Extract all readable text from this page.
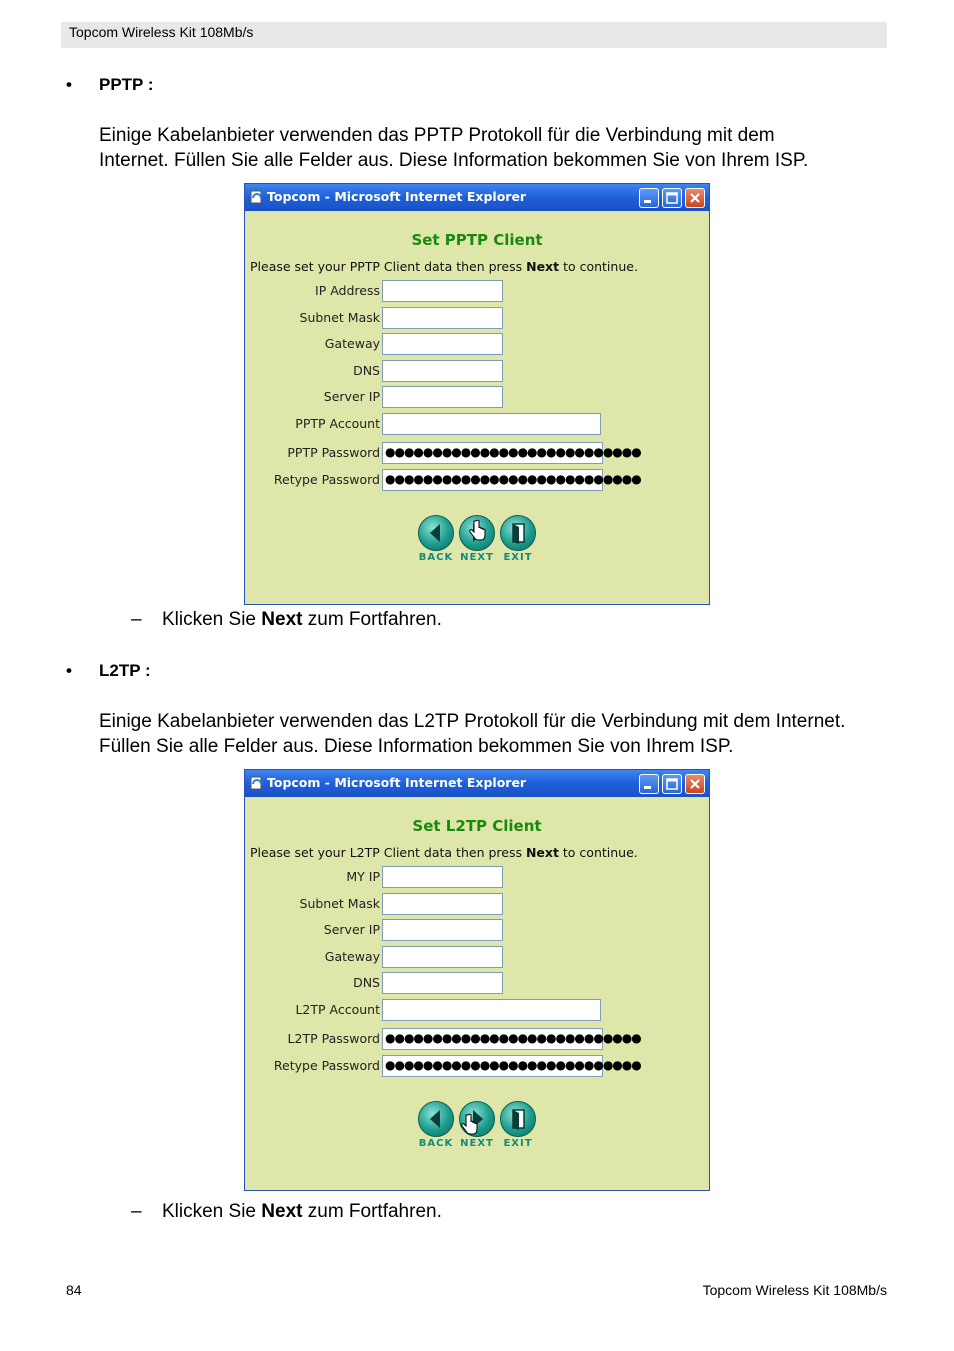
Topcom Wireless Kit 108Mb/s
• PPTP :
Einige Kabelanbieter verwenden das PPTP Protokoll für die Verbindung mit dem
Internet. Füllen Sie alle Felder aus. Diese Information bekommen Sie von Ihrem ISP.
Topcom - Microsoft Internet Explorer
Set PPTP Client
Please set your PPTP Client data then press Next to continue.
IP Address
Subnet Mask
Gateway
DNS
Server IP
PPTP Account
PPTP Password ●●●●●●●●●●●●●●●●●●●●●●●●●●●
Retype Password ●●●●●●●●●●●●●●●●●●●●●●●●●●●
BACK NEXT EXIT
– Klicken Sie Next zum Fortfahren.
• L2TP :
Einige Kabelanbieter verwenden das L2TP Protokoll für die Verbindung mit dem Internet.
Füllen Sie alle Felder aus. Diese Information bekommen Sie von Ihrem ISP.
Topcom - Microsoft Internet Explorer
Set L2TP Client
Please set your L2TP Client data then press Next to continue.
MY IP
Subnet Mask
Server IP
Gateway
DNS
L2TP Account
L2TP Password ●●●●●●●●●●●●●●●●●●●●●●●●●●●
Retype Password ●●●●●●●●●●●●●●●●●●●●●●●●●●●
BACK NEXT EXIT
– Klicken Sie Next zum Fortfahren.
84	Topcom Wireless Kit 108Mb/s
